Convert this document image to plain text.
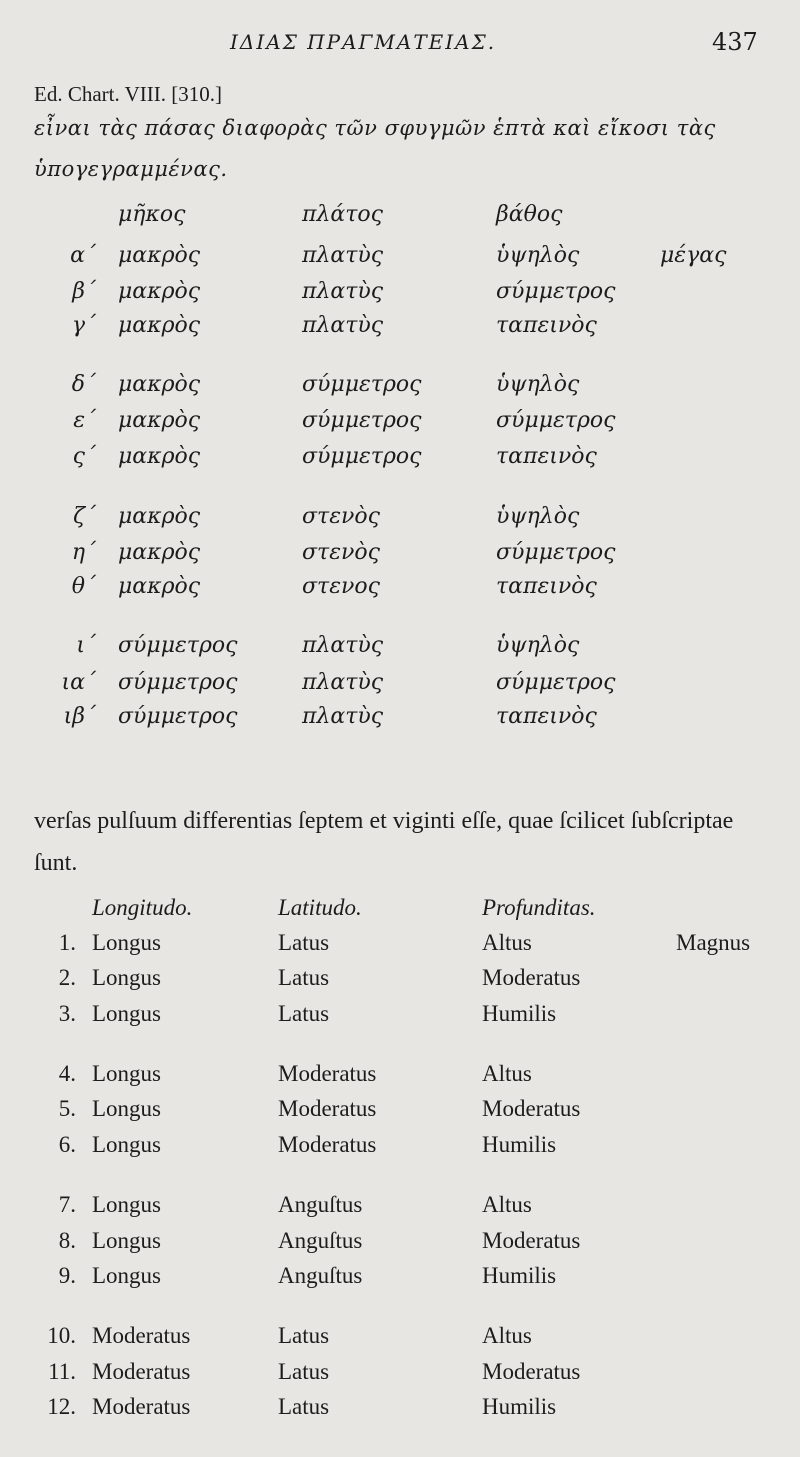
ΙΔΙΑΣ ΠΡΑΓΜΑΤΕΙΑΣ.	437
Ed. Chart. VIII. [310.]
εἶναι τὰς πάσας διαφορὰς τῶν σφυγμῶν ἑπτὰ καὶ εἴκοσι τὰς ὑπογεγραμμένας.
μῆκος	πλάτος	βάθος
α´ μακρὸς	πλατὺς	ὑψηλὸς	μέγας
β´ μακρὸς	πλατὺς	σύμμετρος
γ´ μακρὸς	πλατὺς	ταπεινὸς
δ´ μακρὸς	σύμμετρος	ὑψηλὸς
ε´ μακρὸς	σύμμετρος	σύμμετρος
ς´ μακρὸς	σύμμετρος	ταπεινὸς
ζ´ μακρὸς	στενὸς	ὑψηλὸς
η´ μακρὸς	στενὸς	σύμμετρος
θ´ μακρὸς	στενος	ταπεινὸς
ι´ σύμμετρος	πλατὺς	ὑψηλὸς
ια´ σύμμετρος	πλατὺς	σύμμετρος
ιβ´ σύμμετρος	πλατὺς	ταπεινὸς
verſas pulſuum differentias ſeptem et viginti eſſe, quae ſcilicet ſubſcriptae ſunt.
Longitudo.	Latitudo.	Profunditas.
1. Longus	Latus	Altus	Magnus
2. Longus	Latus	Moderatus
3. Longus	Latus	Humilis
4. Longus	Moderatus	Altus
5. Longus	Moderatus	Moderatus
6. Longus	Moderatus	Humilis
7. Longus	Anguſtus	Altus
8. Longus	Anguſtus	Moderatus
9. Longus	Anguſtus	Humilis
10. Moderatus	Latus	Altus
11. Moderatus	Latus	Moderatus
12. Moderatus	Latus	Humilis
